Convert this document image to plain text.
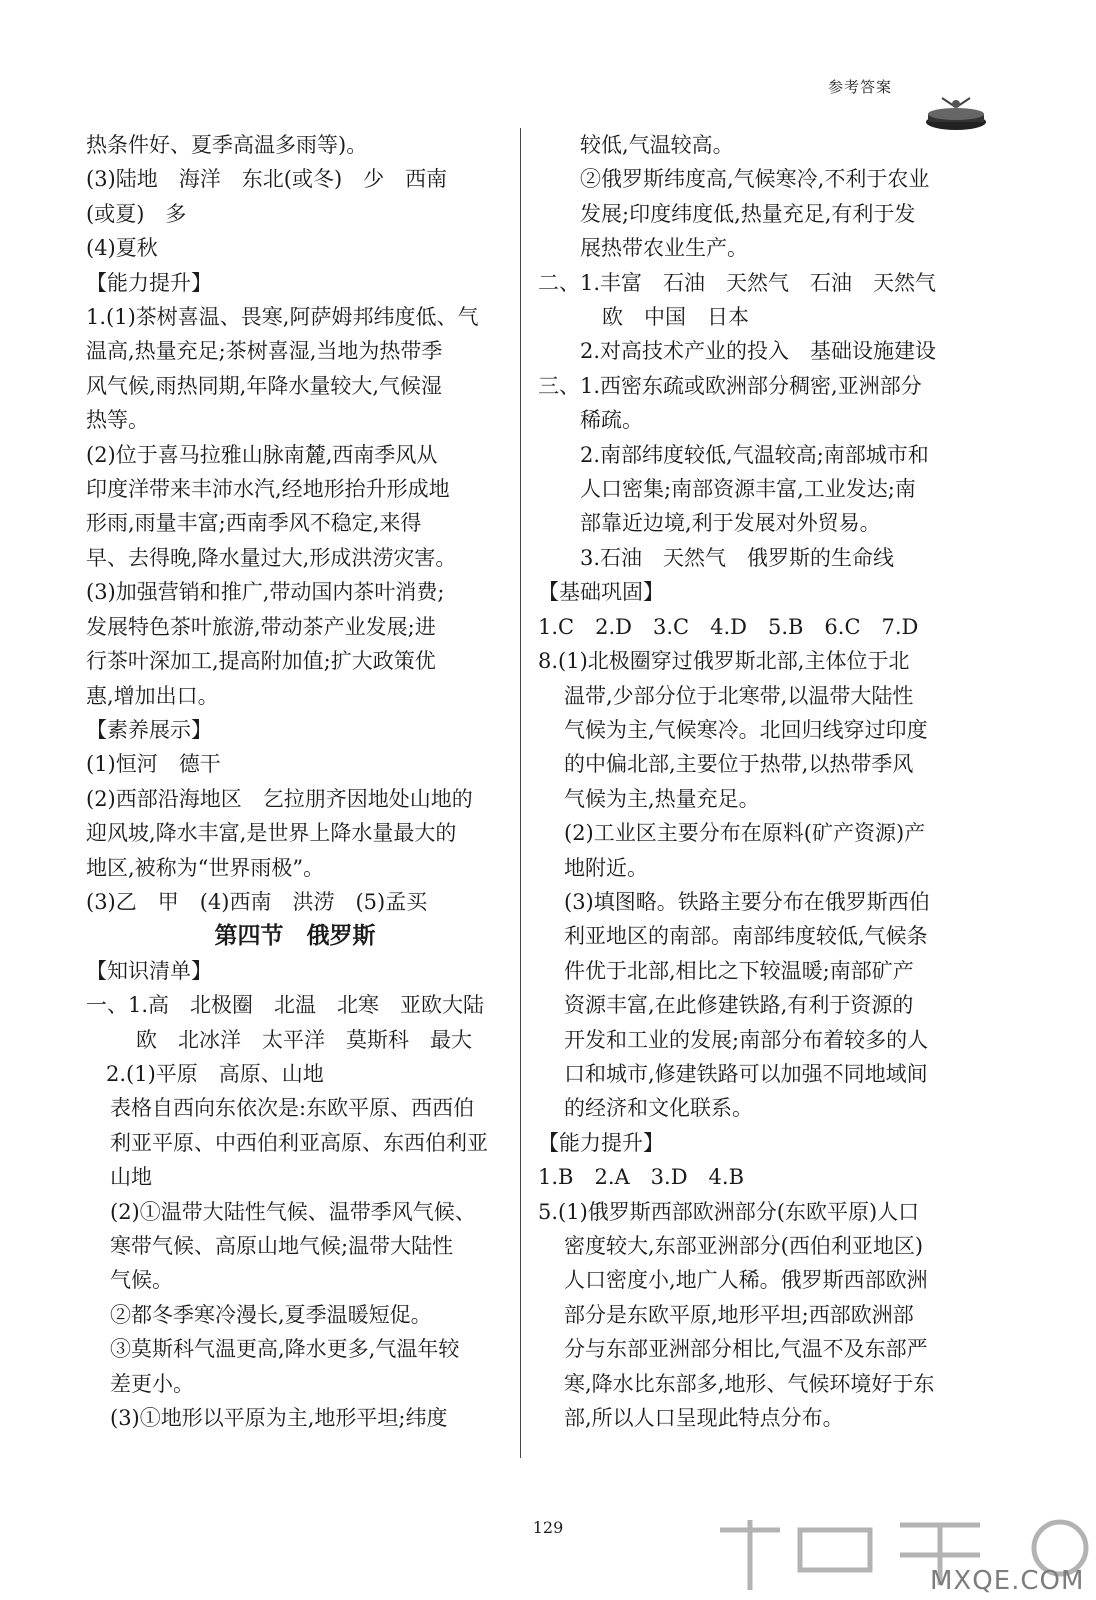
参考答案
热条件好、夏季高温多雨等)。
(3)陆地　海洋　东北(或冬)　少　西南
(或夏)　多
(4)夏秋
【能力提升】
1.(1)茶树喜温、畏寒,阿萨姆邦纬度低、气
温高,热量充足;茶树喜湿,当地为热带季
风气候,雨热同期,年降水量较大,气候湿
热等。
(2)位于喜马拉雅山脉南麓,西南季风从
印度洋带来丰沛水汽,经地形抬升形成地
形雨,雨量丰富;西南季风不稳定,来得
早、去得晚,降水量过大,形成洪涝灾害。
(3)加强营销和推广,带动国内茶叶消费;
发展特色茶叶旅游,带动茶产业发展;进
行茶叶深加工,提高附加值;扩大政策优
惠,增加出口。
【素养展示】
(1)恒河　德干
(2)西部沿海地区　乞拉朋齐因地处山地的
迎风坡,降水丰富,是世界上降水量最大的
地区,被称为“世界雨极”。
(3)乙　甲　(4)西南　洪涝　(5)孟买
第四节　俄罗斯
【知识清单】
一、1.高　北极圈　北温　北寒　亚欧大陆
欧　北冰洋　太平洋　莫斯科　最大
2.(1)平原　高原、山地
表格自西向东依次是:东欧平原、西西伯
利亚平原、中西伯利亚高原、东西伯利亚
山地
(2)①温带大陆性气候、温带季风气候、
寒带气候、高原山地气候;温带大陆性
气候。
②都冬季寒冷漫长,夏季温暖短促。
③莫斯科气温更高,降水更多,气温年较
差更小。
(3)①地形以平原为主,地形平坦;纬度
较低,气温较高。
②俄罗斯纬度高,气候寒冷,不利于农业
发展;印度纬度低,热量充足,有利于发
展热带农业生产。
二、1.丰富　石油　天然气　石油　天然气
欧　中国　日本
2.对高技术产业的投入　基础设施建设
三、1.西密东疏或欧洲部分稠密,亚洲部分
稀疏。
2.南部纬度较低,气温较高;南部城市和
人口密集;南部资源丰富,工业发达;南
部靠近边境,利于发展对外贸易。
3.石油　天然气　俄罗斯的生命线
【基础巩固】
1.C　2.D　3.C　4.D　5.B　6.C　7.D
8.(1)北极圈穿过俄罗斯北部,主体位于北
温带,少部分位于北寒带,以温带大陆性
气候为主,气候寒冷。北回归线穿过印度
的中偏北部,主要位于热带,以热带季风
气候为主,热量充足。
(2)工业区主要分布在原料(矿产资源)产
地附近。
(3)填图略。铁路主要分布在俄罗斯西伯
利亚地区的南部。南部纬度较低,气候条
件优于北部,相比之下较温暖;南部矿产
资源丰富,在此修建铁路,有利于资源的
开发和工业的发展;南部分布着较多的人
口和城市,修建铁路可以加强不同地域间
的经济和文化联系。
【能力提升】
1.B　2.A　3.D　4.B
5.(1)俄罗斯西部欧洲部分(东欧平原)人口
密度较大,东部亚洲部分(西伯利亚地区)
人口密度小,地广人稀。俄罗斯西部欧洲
部分是东欧平原,地形平坦;西部欧洲部
分与东部亚洲部分相比,气温不及东部严
寒,降水比东部多,地形、气候环境好于东
部,所以人口呈现此特点分布。
129
MXQE.COM
